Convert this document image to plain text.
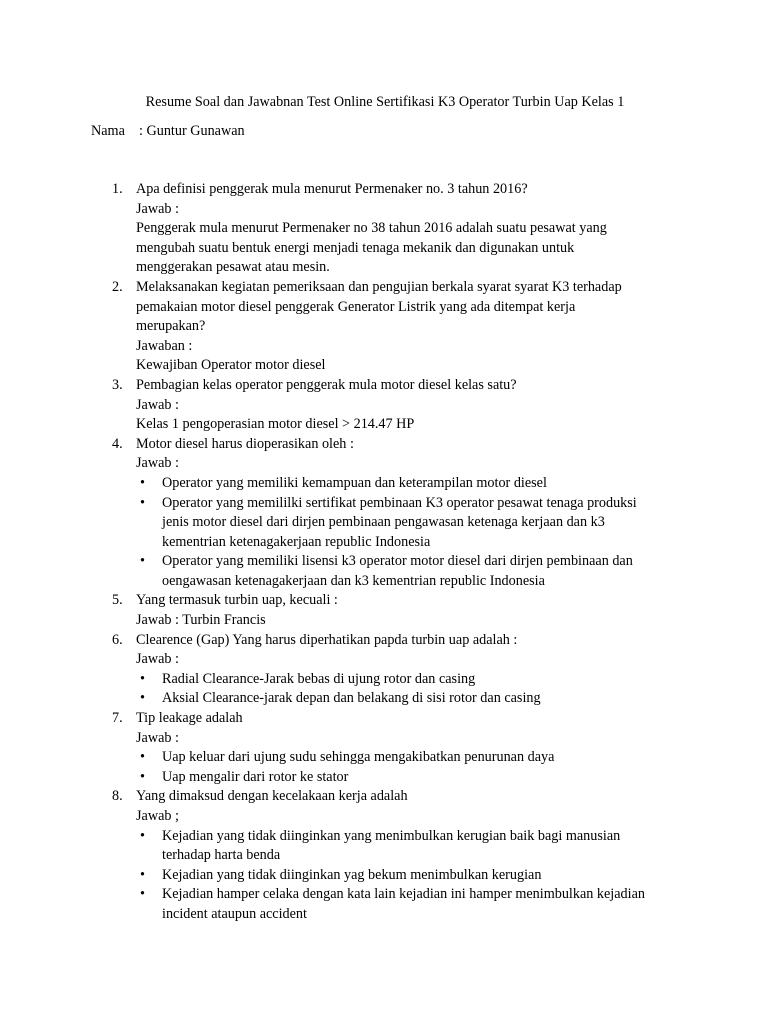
Resume Soal dan Jawabnan Test Online Sertifikasi K3 Operator Turbin Uap Kelas 1
Nama : Guntur Gunawan
1. Apa definisi penggerak mula menurut Permenaker no. 3 tahun 2016?
Jawab :
Penggerak mula menurut Permenaker no 38 tahun 2016 adalah suatu pesawat yang
mengubah suatu bentuk energi menjadi tenaga mekanik dan digunakan untuk
menggerakan pesawat atau mesin.
2. Melaksanakan kegiatan pemeriksaan dan pengujian berkala syarat syarat K3 terhadap
pemakaian motor diesel penggerak Generator Listrik yang ada ditempat kerja
merupakan?
Jawaban :
Kewajiban Operator motor diesel
3. Pembagian kelas operator penggerak mula motor diesel kelas satu?
Jawab :
Kelas 1 pengoperasian motor diesel > 214.47 HP
4. Motor diesel harus dioperasikan oleh :
Jawab :
• Operator yang memiliki kemampuan dan keterampilan motor diesel
• Operator yang memililki sertifikat pembinaan K3 operator pesawat tenaga produksi
jenis motor diesel dari dirjen pembinaan pengawasan ketenaga kerjaan dan k3
kementrian ketenagakerjaan republic Indonesia
• Operator yang memiliki lisensi k3 operator motor diesel dari dirjen pembinaan dan
oengawasan ketenagakerjaan dan k3 kementrian republic Indonesia
5. Yang termasuk turbin uap, kecuali :
Jawab : Turbin Francis
6. Clearence (Gap) Yang harus diperhatikan papda turbin uap adalah :
Jawab :
• Radial Clearance-Jarak bebas di ujung rotor dan casing
• Aksial Clearance-jarak depan dan belakang di sisi rotor dan casing
7. Tip leakage adalah
Jawab :
• Uap keluar dari ujung sudu sehingga mengakibatkan penurunan daya
• Uap mengalir dari rotor ke stator
8. Yang dimaksud dengan kecelakaan kerja adalah
Jawab ;
• Kejadian yang tidak diinginkan yang menimbulkan kerugian baik bagi manusian
terhadap harta benda
• Kejadian yang tidak diinginkan yag bekum menimbulkan kerugian
• Kejadian hamper celaka dengan kata lain kejadian ini hamper menimbulkan kejadian
incident ataupun accident
